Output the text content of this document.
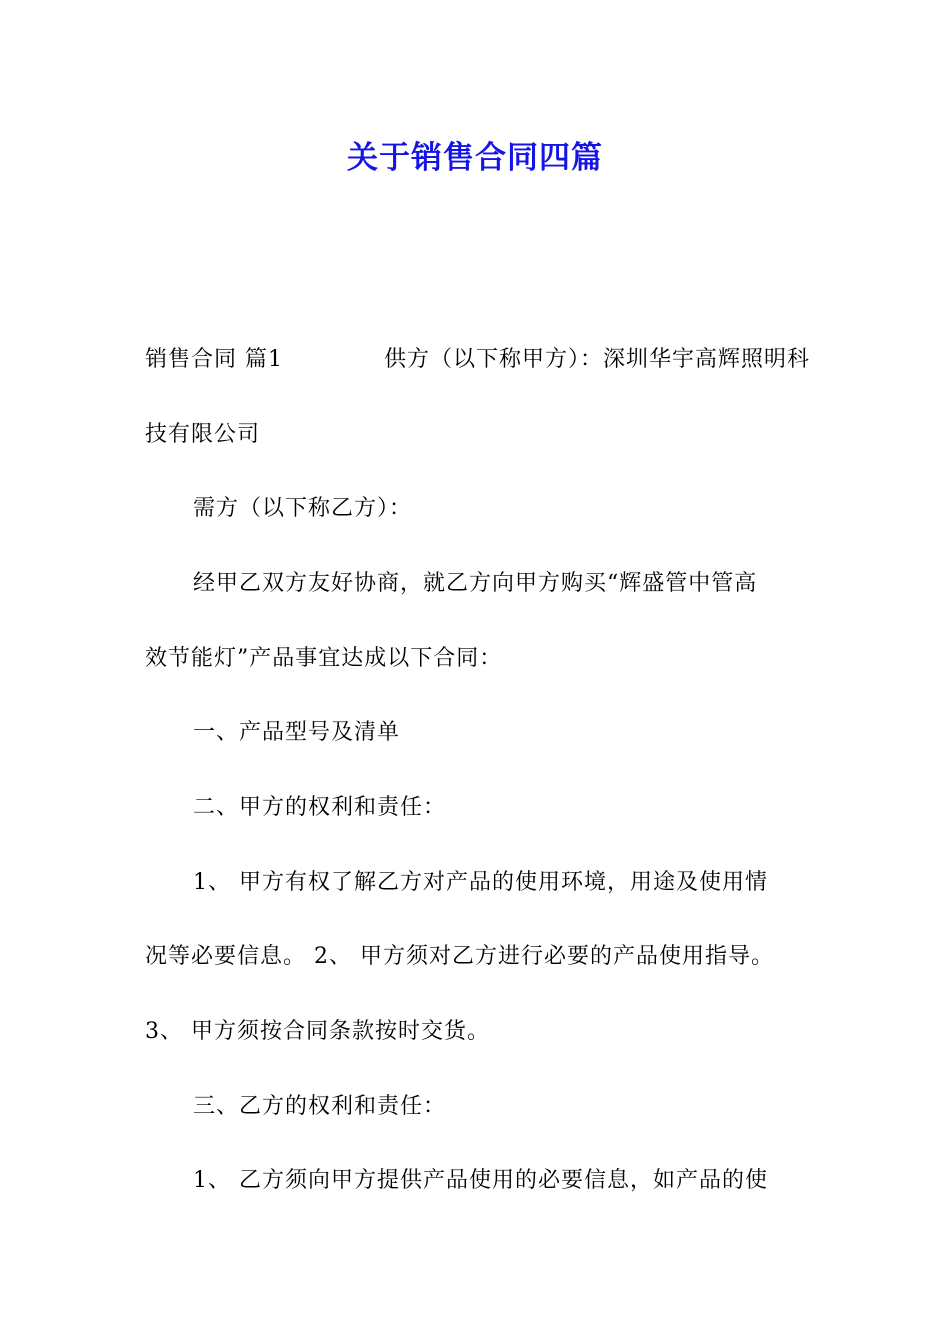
关于销售合同四篇
销售合同 篇1	供方（以下称甲方）：深圳华宇高辉照明科
技有限公司
需方（以下称乙方）：
经甲乙双方友好协商，就乙方向甲方购买“辉盛管中管高
效节能灯”产品事宜达成以下合同：
一、产品型号及清单
二、甲方的权利和责任：
1、 甲方有权了解乙方对产品的使用环境，用途及使用情
况等必要信息。 2、 甲方须对乙方进行必要的产品使用指导。
3、 甲方须按合同条款按时交货。
三、乙方的权利和责任：
1、 乙方须向甲方提供产品使用的必要信息，如产品的使
